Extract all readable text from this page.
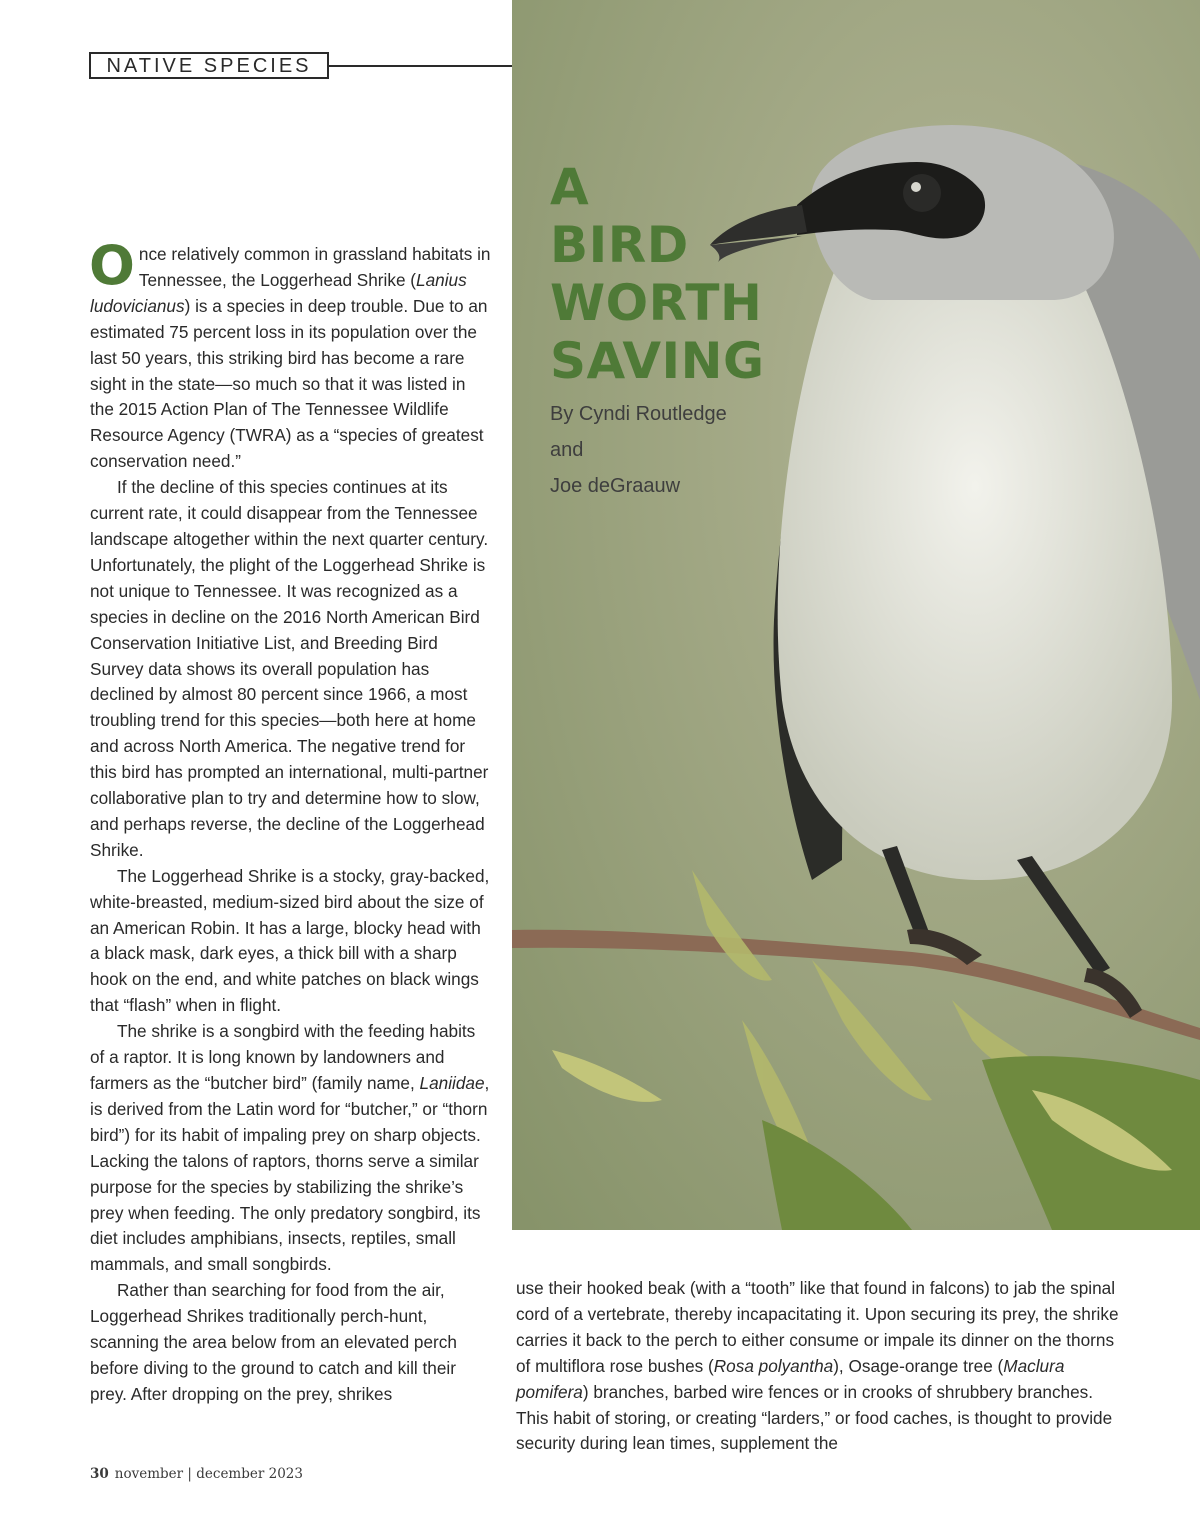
NATIVE SPECIES
A
BIRD
WORTH
SAVING
By Cyndi Routledge
and
Joe deGraauw

Once relatively common in grassland habitats in Tennessee, the Loggerhead Shrike (Lanius ludovicianus) is a species in deep trouble. Due to an estimated 75 percent loss in its population over the last 50 years, this striking bird has become a rare sight in the state—so much so that it was listed in the 2015 Action Plan of The Tennessee Wildlife Resource Agency (TWRA) as a “species of greatest conservation need.”

If the decline of this species continues at its current rate, it could disappear from the Tennessee landscape altogether within the next quarter century. Unfortunately, the plight of the Loggerhead Shrike is not unique to Tennessee. It was recognized as a species in decline on the 2016 North American Bird Conservation Initiative List, and Breeding Bird Survey data shows its overall population has declined by almost 80 percent since 1966, a most troubling trend for this species—both here at home and across North America. The negative trend for this bird has prompted an international, multi-partner collaborative plan to try and determine how to slow, and perhaps reverse, the decline of the Loggerhead Shrike.

The Loggerhead Shrike is a stocky, gray-backed, white-breasted, medium-sized bird about the size of an American Robin. It has a large, blocky head with a black mask, dark eyes, a thick bill with a sharp hook on the end, and white patches on black wings that “flash” when in flight.

The shrike is a songbird with the feeding habits of a raptor. It is long known by landowners and farmers as the “butcher bird” (family name, Laniidae, is derived from the Latin word for “butcher,” or “thorn bird”) for its habit of impaling prey on sharp objects. Lacking the talons of raptors, thorns serve a similar purpose for the species by stabilizing the shrike’s prey when feeding. The only predatory songbird, its diet includes amphibians, insects, reptiles, small mammals, and small songbirds.

Rather than searching for food from the air, Loggerhead Shrikes traditionally perch-hunt, scanning the area below from an elevated perch before diving to the ground to catch and kill their prey. After dropping on the prey, shrikes

use their hooked beak (with a “tooth” like that found in falcons) to jab the spinal cord of a vertebrate, thereby incapacitating it. Upon securing its prey, the shrike carries it back to the perch to either consume or impale its dinner on the thorns of multiflora rose bushes (Rosa polyantha), Osage-orange tree (Maclura pomifera) branches, barbed wire fences or in crooks of shrubbery branches. This habit of storing, or creating “larders,” or food caches, is thought to provide security during lean times, supplement the

30 november | december 2023
